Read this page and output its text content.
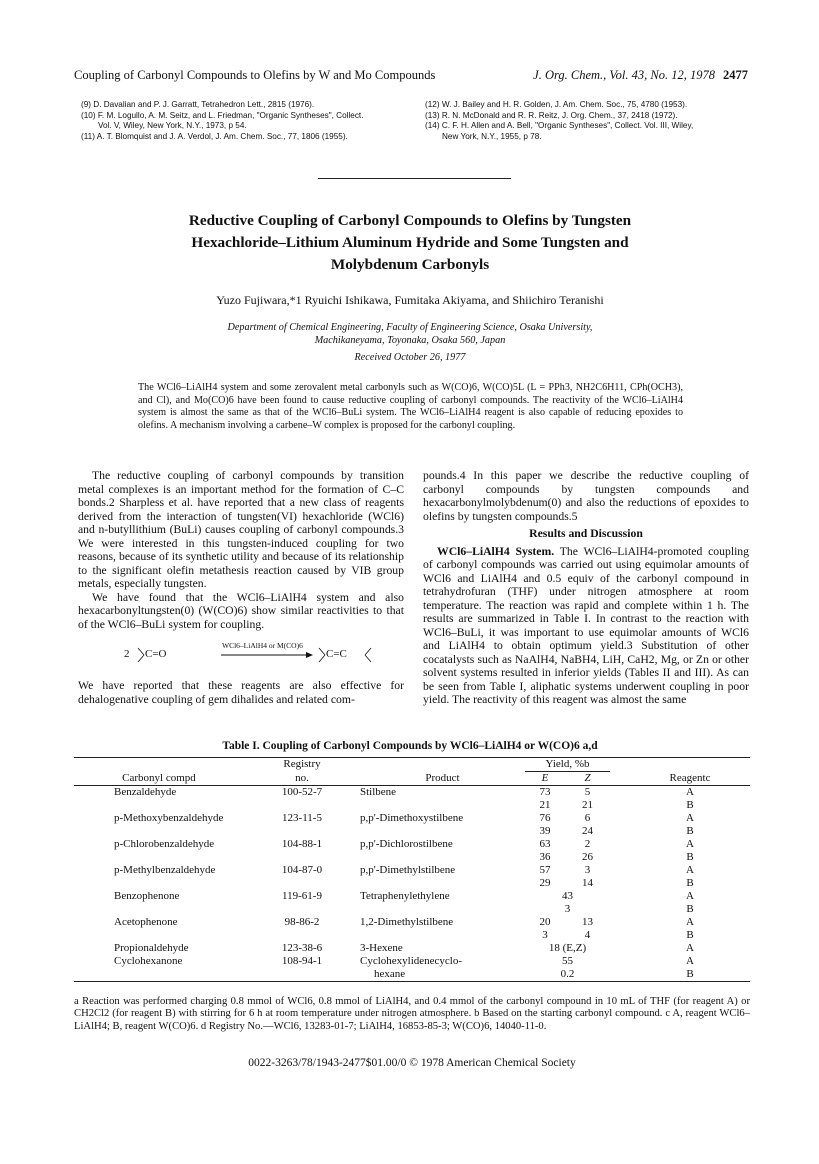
Coupling of Carbonyl Compounds to Olefins by W and Mo Compounds	J. Org. Chem., Vol. 43, No. 12, 1978 2477
(9) D. Davalian and P. J. Garratt, Tetrahedron Lett., 2815 (1976).
(10) F. M. Logullo, A. M. Seitz, and L. Friedman, "Organic Syntheses", Collect.
Vol. V, Wiley, New York, N.Y., 1973, p 54.
(11) A. T. Blomquist and J. A. Verdol, J. Am. Chem. Soc., 77, 1806 (1955).
(12) W. J. Bailey and H. R. Golden, J. Am. Chem. Soc., 75, 4780 (1953).
(13) R. N. McDonald and R. R. Reitz, J. Org. Chem., 37, 2418 (1972).
(14) C. F. H. Allen and A. Bell, "Organic Syntheses", Collect. Vol. III, Wiley,
New York, N.Y., 1955, p 78.
Reductive Coupling of Carbonyl Compounds to Olefins by Tungsten
Hexachloride–Lithium Aluminum Hydride and Some Tungsten and
Molybdenum Carbonyls
Yuzo Fujiwara,*1 Ryuichi Ishikawa, Fumitaka Akiyama, and Shiichiro Teranishi
Department of Chemical Engineering, Faculty of Engineering Science, Osaka University,
Machikaneyama, Toyonaka, Osaka 560, Japan
Received October 26, 1977
The WCl6–LiAlH4 system and some zerovalent metal carbonyls such as W(CO)6, W(CO)5L (L = PPh3, NH2C6H11, CPh(OCH3), and Cl), and Mo(CO)6 have been found to cause reductive coupling of carbonyl compounds. The reactivity of the WCl6–LiAlH4 system is almost the same as that of the WCl6–BuLi system. The WCl6–LiAlH4 reagent is also capable of reducing epoxides to olefins. A mechanism involving a carbene–W complex is proposed for the carbonyl coupling.

The reductive coupling of carbonyl compounds by transition metal complexes is an important method for the formation of C–C bonds.2 Sharpless et al. have reported that a new class of reagents derived from the interaction of tungsten(VI) hexachloride (WCl6) and n-butyllithium (BuLi) causes coupling of carbonyl compounds.3 We were interested in this tungsten-induced coupling for two reasons, because of its synthetic utility and because of its relationship to the significant olefin metathesis reaction caused by VIB group metals, especially tungsten.

We have found that the WCl6–LiAlH4 system and also hexacarbonyltungsten(0) (W(CO)6) show similar reactivities to that of the WCl6–BuLi system for coupling.

2 C=O
WCl6–LiAlH4 or M(CO)6
C=C

We have reported that these reagents are also effective for dehalogenative coupling of gem dihalides and related com-

pounds.4 In this paper we describe the reductive coupling of carbonyl compounds by tungsten compounds and hexacarbonylmolybdenum(0) and also the reductions of epoxides to olefins by tungsten compounds.5

Results and Discussion

WCl6–LiAlH4 System. The WCl6–LiAlH4-promoted coupling of carbonyl compounds was carried out using equimolar amounts of WCl6 and LiAlH4 and 0.5 equiv of the carbonyl compound in tetrahydrofuran (THF) under nitrogen atmosphere at room temperature. The reaction was rapid and complete within 1 h. The results are summarized in Table I. In contrast to the reaction with WCl6–BuLi, it was important to use equimolar amounts of WCl6 and LiAlH4 to obtain optimum yield.3 Substitution of other cocatalysts such as NaAlH4, NaBH4, LiH, CaH2, Mg, or Zn or other solvent systems resulted in inferior yields (Tables II and III). As can be seen from Table I, aliphatic systems underwent coupling in poor yield. The reactivity of this reagent was almost the same

Table I. Coupling of Carbonyl Compounds by WCl6–LiAlH4 or W(CO)6 a,d
	Registry		Yield, %b			
Carbonyl compd	no.	Product	E	Z		Reagentc
Benzaldehyde	100-52-7	Stilbene	73	5		A
			21	21		B
p-Methoxybenzaldehyde	123-11-5	p,p'-Dimethoxystilbene	76	6		A
			39	24		B
p-Chlorobenzaldehyde	104-88-1	p,p'-Dichlorostilbene	63	2		A
			36	26		B
p-Methylbenzaldehyde	104-87-0	p,p'-Dimethylstilbene	57	3		A
			29	14		B
Benzophenone	119-61-9	Tetraphenylethylene	43			A
			3			B
Acetophenone	98-86-2	1,2-Dimethylstilbene	20	13		A
			3	4		B
Propionaldehyde	123-38-6	3-Hexene	18 (E,Z)			A
Cyclohexanone	108-94-1	Cyclohexylidenecyclo-	55			A
		hexane	0.2			B
a Reaction was performed charging 0.8 mmol of WCl6, 0.8 mmol of LiAlH4, and 0.4 mmol of the carbonyl compound in 10 mL of THF (for reagent A) or CH2Cl2 (for reagent B) with stirring for 6 h at room temperature under nitrogen atmosphere. b Based on the starting carbonyl compound. c A, reagent WCl6–LiAlH4; B, reagent W(CO)6. d Registry No.—WCl6, 13283-01-7; LiAlH4, 16853-85-3; W(CO)6, 14040-11-0.
0022-3263/78/1943-2477$01.00/0 © 1978 American Chemical Society
